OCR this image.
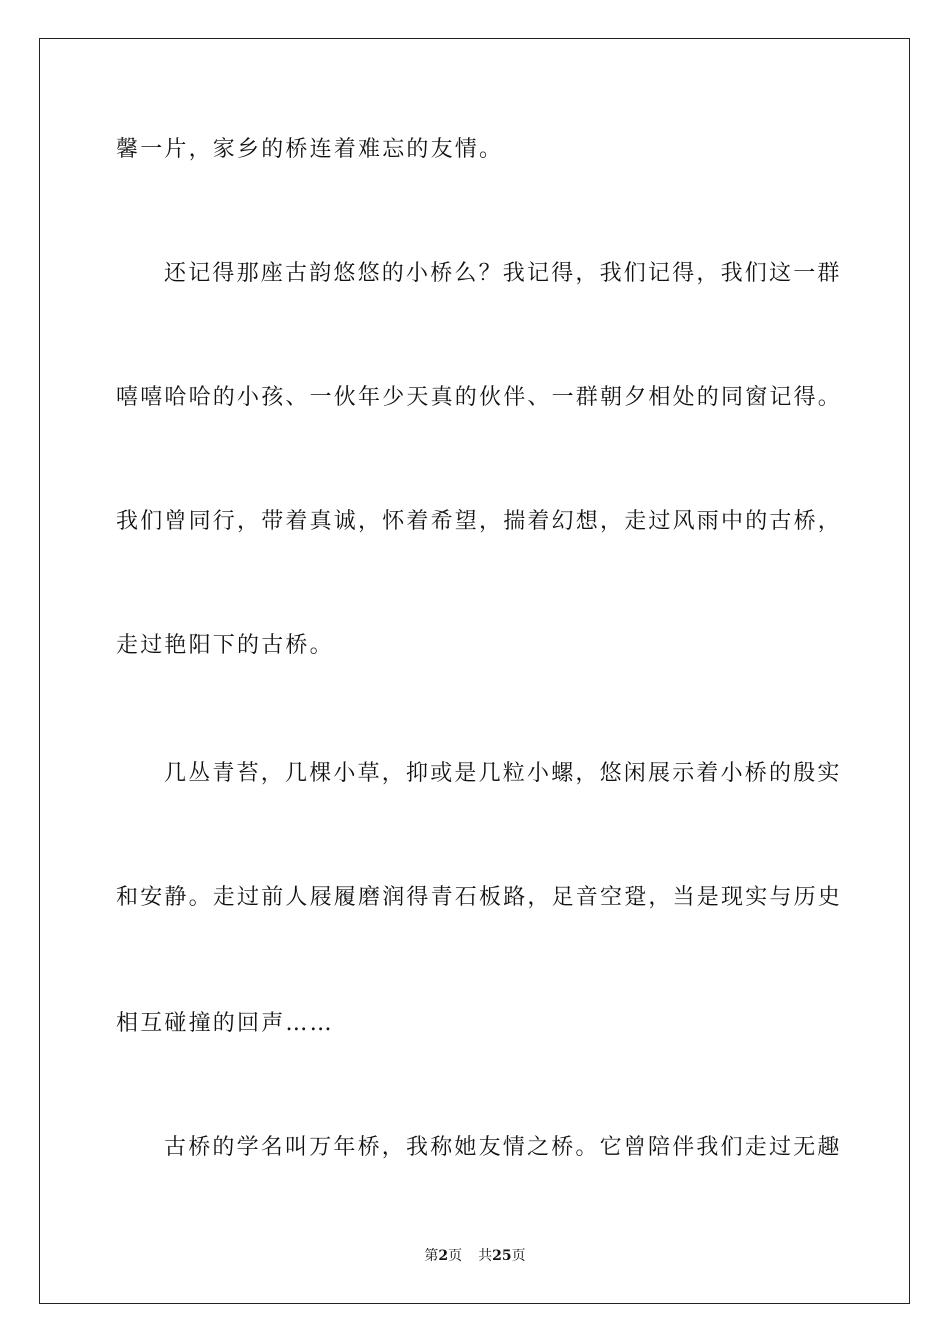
馨一片，家乡的桥连着难忘的友情。
还记得那座古韵悠悠的小桥么？我记得，我们记得，我们这一群
嘻嘻哈哈的小孩、一伙年少天真的伙伴、一群朝夕相处的同窗记得。
我们曾同行，带着真诚，怀着希望，揣着幻想，走过风雨中的古桥，
走过艳阳下的古桥。
几丛青苔，几棵小草，抑或是几粒小螺，悠闲展示着小桥的殷实
和安静。走过前人屐履磨润得青石板路，足音空跫，当是现实与历史
相互碰撞的回声……
古桥的学名叫万年桥，我称她友情之桥。它曾陪伴我们走过无趣
第2页 共25页
